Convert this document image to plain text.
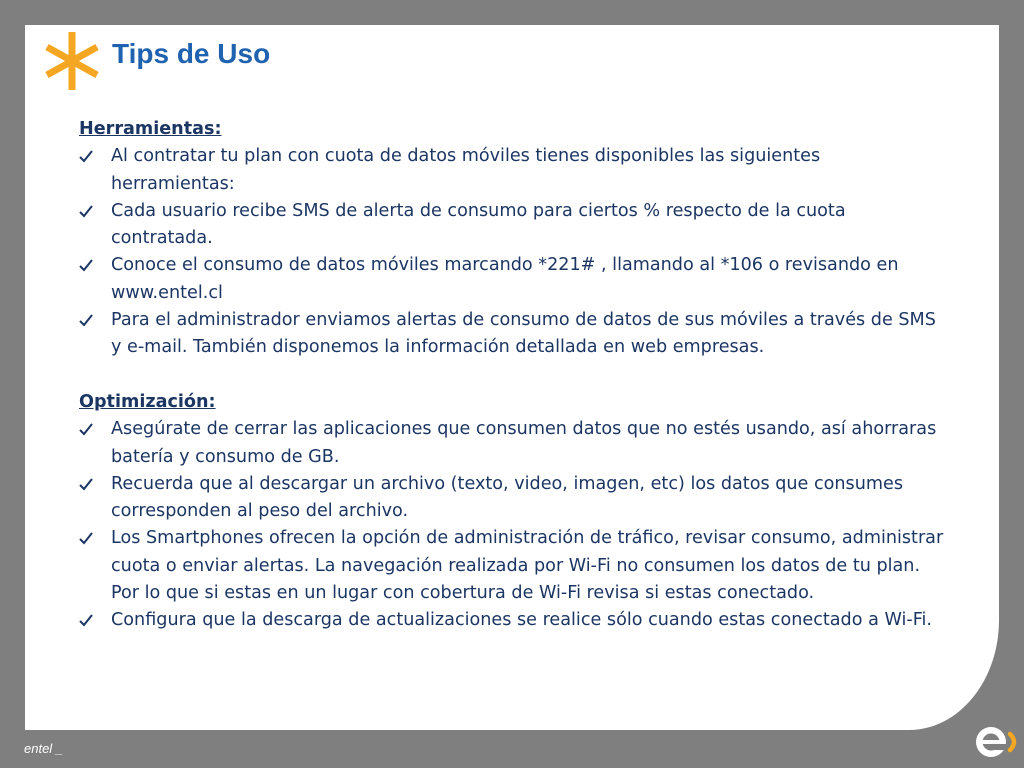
Tips de Uso

Herramientas:

Al contratar tu plan con cuota de datos móviles tienes disponibles las siguientes herramientas:
Cada usuario recibe SMS de alerta de consumo para ciertos % respecto de la cuota contratada.
Conoce el consumo de datos móviles marcando *221# , llamando al *106 o revisando en www.entel.cl
Para el administrador enviamos alertas de consumo de datos de sus móviles a través de SMS y e-mail. También disponemos la información detallada en web empresas.

Optimización:

Asegúrate de cerrar las aplicaciones que consumen datos que no estés usando, así ahorraras batería y consumo de GB.
Recuerda que al descargar un archivo (texto, video, imagen, etc) los datos que consumes corresponden al peso del archivo.
Los Smartphones ofrecen la opción de administración de tráfico, revisar consumo, administrar cuota o enviar alertas. La navegación realizada por Wi-Fi no consumen los datos de tu plan. Por lo que si estas en un lugar con cobertura de Wi-Fi revisa si estas conectado.
Configura que la descarga de actualizaciones se realice sólo cuando estas conectado a Wi-Fi.
entel _
